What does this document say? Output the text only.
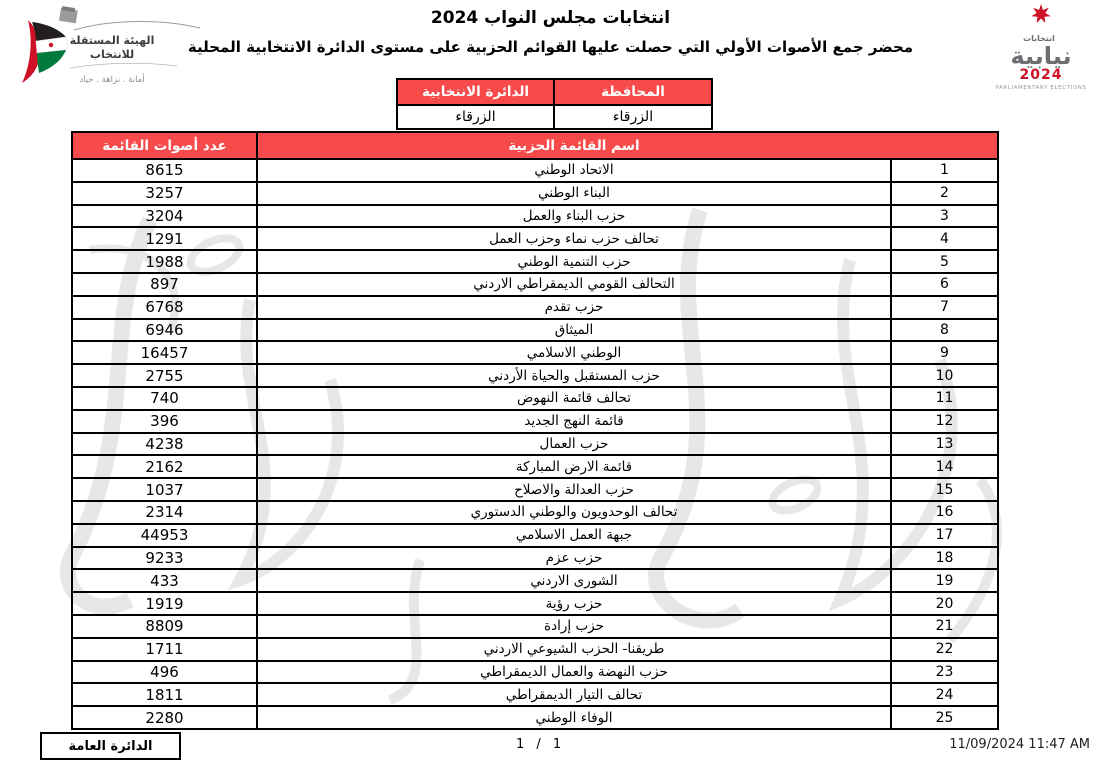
الهيئة المستقلة
للانتخاب
أمانة . نزاهة . حياد
انتخابات مجلس النواب 2024
محضر جمع الأصوات الأولي التي حصلت عليها القوائم الحزبية على مستوى الدائرة الانتخابية المحلية	انتخابات
نيابية
2024
PARLIAMENTARY ELECTIONS
المحافظة	الدائرة الانتخابية
الزرقاء	الزرقاء
اسم القائمة الحزبية		عدد أصوات القائمة
1	الاتحاد الوطني	8615
2	البناء الوطني	3257
3	حزب البناء والعمل	3204
4	تحالف حزب نماء وحزب العمل	1291
5	حزب التنمية الوطني	1988
6	التحالف القومي الديمقراطي الاردني	897
7	حزب تقدم	6768
8	الميثاق	6946
9	الوطني الاسلامي	16457
10	حزب المستقبل والحياة الأردني	2755
11	تحالف قائمة النهوض	740
12	قائمة النهج الجديد	396
13	حزب العمال	4238
14	قائمة الارض المباركة	2162
15	حزب العدالة والاصلاح	1037
16	تحالف الوحدويون والوطني الدستوري	2314
17	جبهة العمل الاسلامي	44953
18	حزب عزم	9233
19	الشورى الاردني	433
20	حزب رؤية	1919
21	حزب إرادة	8809
22	طريقنا- الحزب الشيوعي الاردني	1711
23	حزب النهضة والعمال الديمقراطي	496
24	تحالف التيار الديمقراطي	1811
25	الوفاء الوطني	2280
الدائرة العامة	1 / 1	11/09/2024 11:47 AM
